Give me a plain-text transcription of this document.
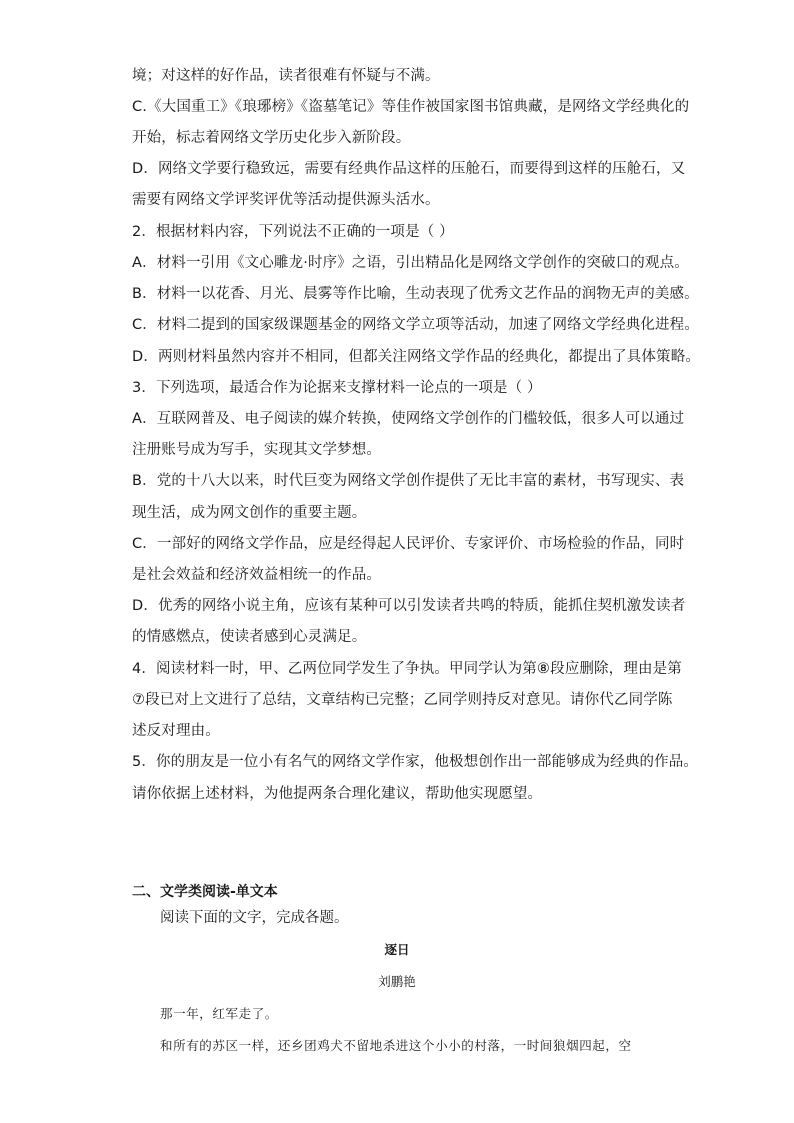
境；对这样的好作品，读者很难有怀疑与不满。
C.《大国重工》《琅琊榜》《盗墓笔记》等佳作被国家图书馆典藏，是网络文学经典化的
开始，标志着网络文学历史化步入新阶段。
D．网络文学要行稳致远，需要有经典作品这样的压舱石，而要得到这样的压舱石，又
需要有网络文学评奖评优等活动提供源头活水。
2．根据材料内容，下列说法不正确的一项是（ ）
A．材料一引用《文心雕龙·时序》之语，引出精品化是网络文学创作的突破口的观点。
B．材料一以花香、月光、晨雾等作比喻，生动表现了优秀文艺作品的润物无声的美感。
C．材料二提到的国家级课题基金的网络文学立项等活动，加速了网络文学经典化进程。
D．两则材料虽然内容并不相同，但都关注网络文学作品的经典化，都提出了具体策略。
3．下列选项，最适合作为论据来支撑材料一论点的一项是（ ）
A．互联网普及、电子阅读的媒介转换，使网络文学创作的门槛较低，很多人可以通过
注册账号成为写手，实现其文学梦想。
B．党的十八大以来，时代巨变为网络文学创作提供了无比丰富的素材，书写现实、表
现生活，成为网文创作的重要主题。
C．一部好的网络文学作品，应是经得起人民评价、专家评价、市场检验的作品，同时
是社会效益和经济效益相统一的作品。
D．优秀的网络小说主角，应该有某种可以引发读者共鸣的特质，能抓住契机激发读者
的情感燃点，使读者感到心灵满足。
4．阅读材料一时，甲、乙两位同学发生了争执。甲同学认为第⑧段应删除，理由是第
⑦段已对上文进行了总结，文章结构已完整；乙同学则持反对意见。请你代乙同学陈
述反对理由。
5．你的朋友是一位小有名气的网络文学作家，他极想创作出一部能够成为经典的作品。
请你依据上述材料，为他提两条合理化建议，帮助他实现愿望。
二、文学类阅读-单文本
阅读下面的文字，完成各题。
逐日
刘鹏艳
那一年，红军走了。
和所有的苏区一样，还乡团鸡犬不留地杀进这个小小的村落，一时间狼烟四起，空
